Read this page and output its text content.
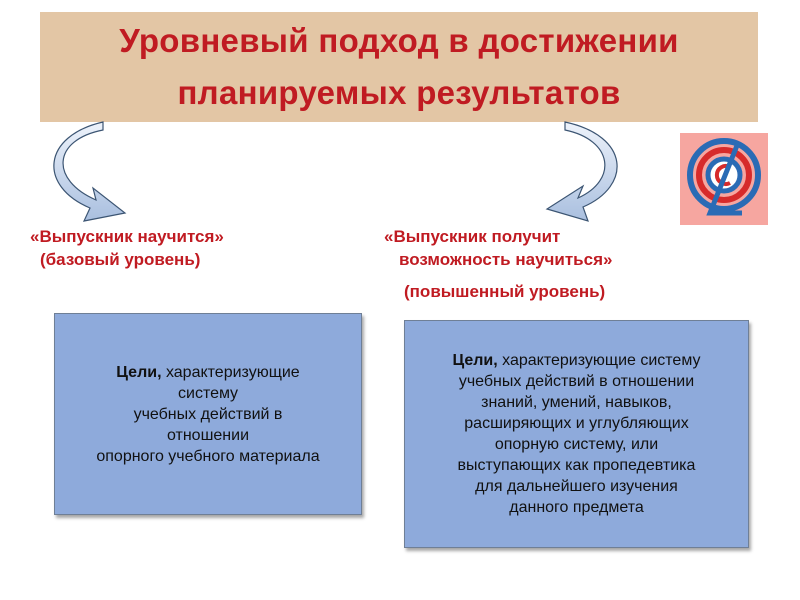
Уровневый подход в достижении
планируемых результатов
«Выпускник научится»
(базовый уровень)
«Выпускник получит
возможность научиться»
(повышенный уровень)
Цели, характеризующие
системy
учебных действий в
отношении
опорного учебного материала
Цели, характеризующие систему
учебных действий в отношении
знаний, умений, навыков,
расширяющих и углубляющих
опорную систему, или
выступающих как пропедевтика
для дальнейшего изучения
данного предмета
